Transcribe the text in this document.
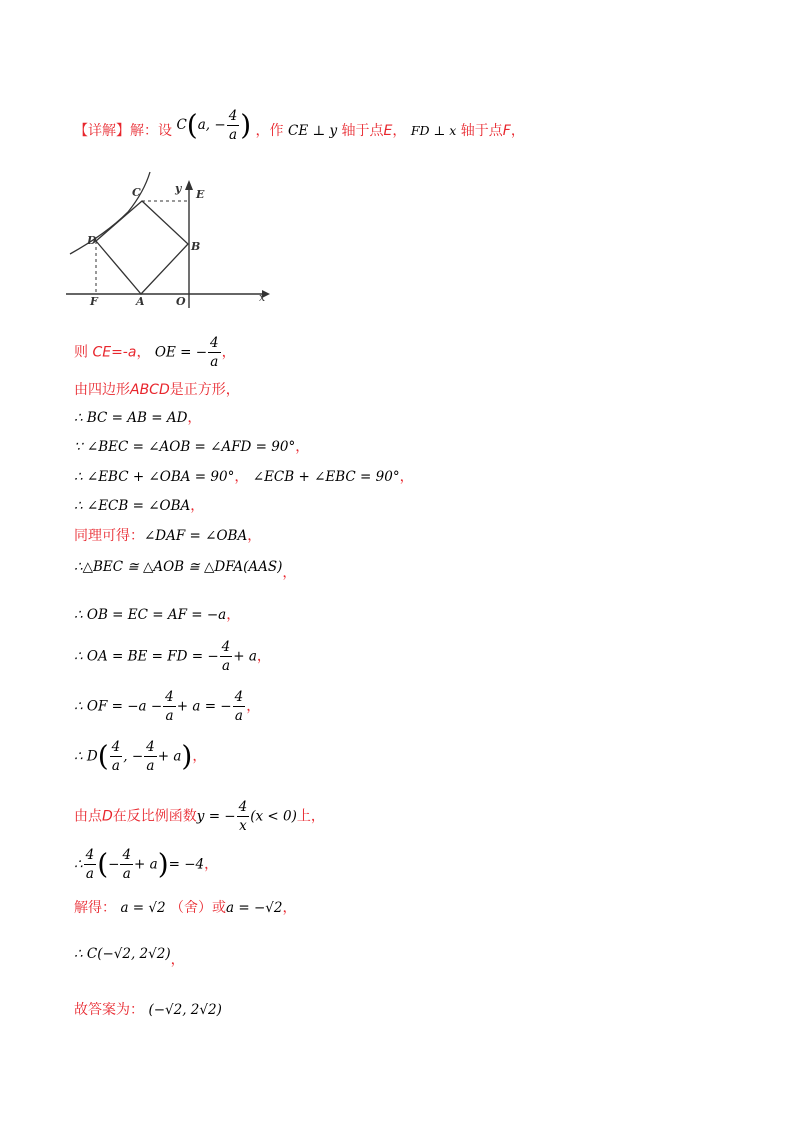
【详解】解：设 C(a, − $\frac{4}{a}$ ) ，作 CE ⊥ y 轴于点E， FD ⊥ x 轴于点F，
C	y E
D	B
F	A	O	x
则 CE=-a， OE = − $\frac{4}{a}$ ，
由四边形ABCD是正方形，
∴ BC = AB = AD，
∵ ∠BEC = ∠AOB = ∠AFD = 90°，
∴ ∠EBC + ∠OBA = 90°， ∠ECB + ∠EBC = 90°，
∴ ∠ECB = ∠OBA，
同理可得：∠DAF = ∠OBA，
∴△BEC ≅ △AOB ≅ △DFA(AAS)，
∴ OB = EC = AF = −a，
∴ OA = BE = FD = − $\frac{4}{a} + a$，
∴ OF = $-a - \frac{4}{a} + a$ = − $\frac{4}{a}$ ，
∴ $D( \frac{4}{a}$ , − $\frac{4}{a} + a$)，
由点D在反比例函数y = − $\frac{4}{x} (x < 0)$上，
∴ $\frac{4}{a}$ (− $\frac{4}{a} + a)= -4$，
解得： a = √2 （舍）或a = −√2，
∴ C(−√2, 2√2)，
故答案为： (−√2, 2√2)
